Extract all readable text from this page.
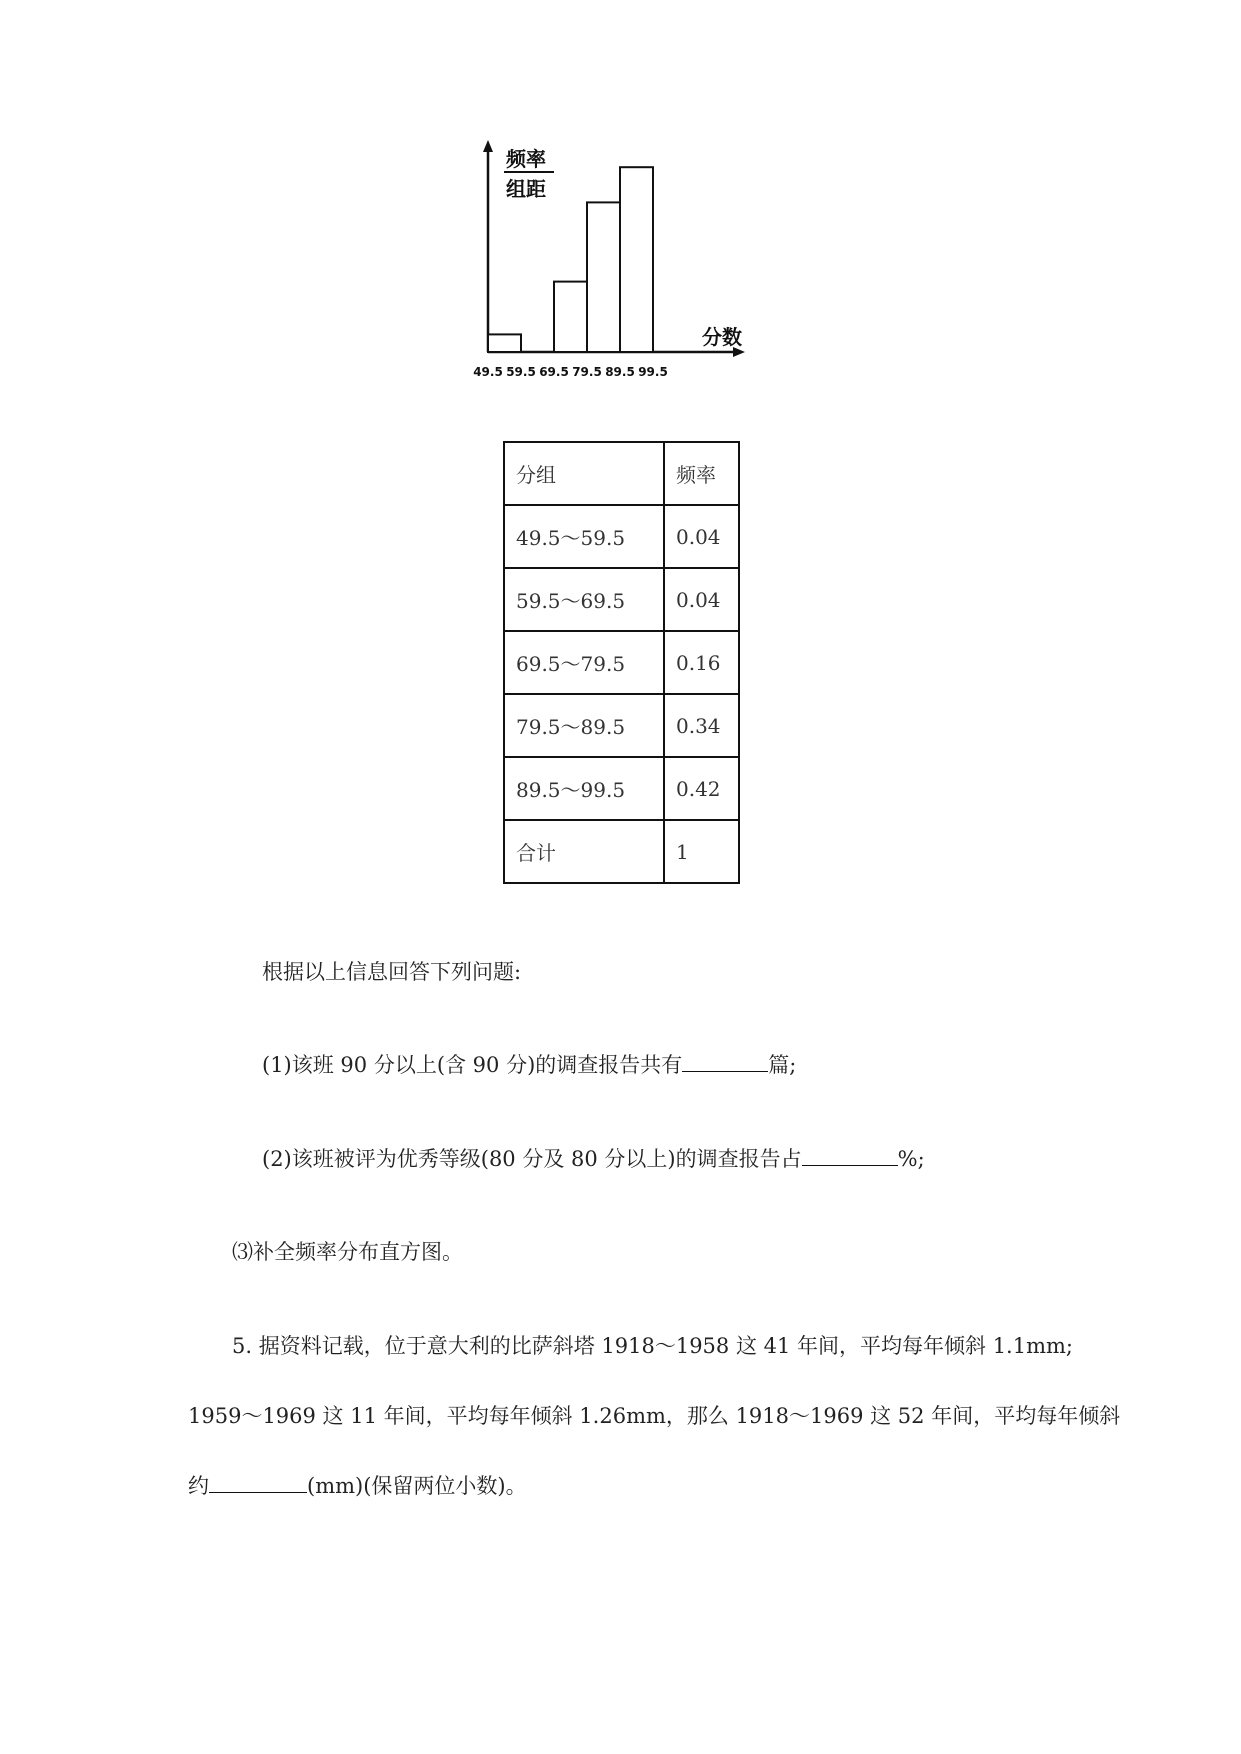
频率
组距
分数
49.5 59.5 69.5 79.5 89.5 99.5
分组	频率
49.5～59.5	0.04
59.5～69.5	0.04
69.5～79.5	0.16
79.5～89.5	0.34
89.5～99.5	0.42
合计	1
根据以上信息回答下列问题:
(1)该班 90 分以上(含 90 分)的调查报告共有	篇;
(2)该班被评为优秀等级(80 分及 80 分以上)的调查报告占	%;
⑶补全频率分布直方图。
5. 据资料记载，位于意大利的比萨斜塔 1918～1958 这 41 年间，平均每年倾斜 1.1mm;
1959～1969 这 11 年间，平均每年倾斜 1.26mm，那么 1918～1969 这 52 年间，平均每年倾斜
约	(mm)(保留两位小数)。
